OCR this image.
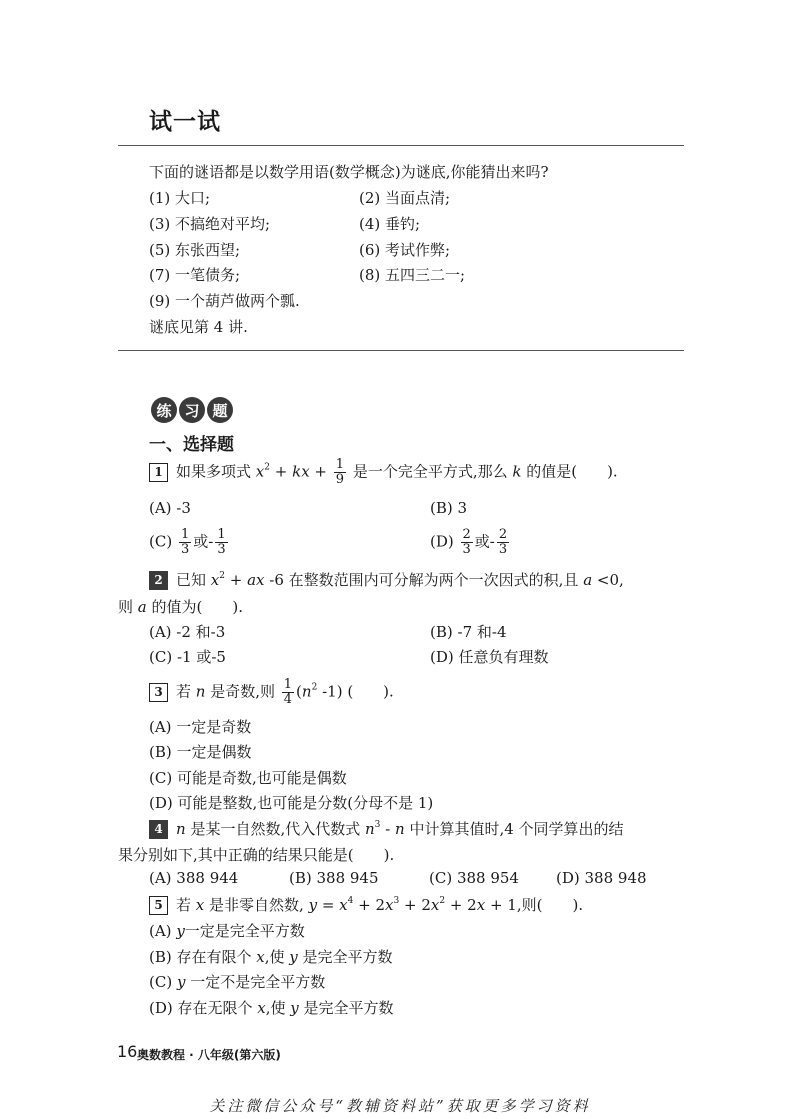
试一试
下面的谜语都是以数学用语(数学概念)为谜底,你能猜出来吗?
(1) 大口;	(2) 当面点清;
(3) 不搞绝对平均;	(4) 垂钓;
(5) 东张西望;	(6) 考试作弊;
(7) 一笔债务;	(8) 五四三二一;
(9) 一个葫芦做两个瓢.
谜底见第 4 讲.
练 习 题
一、选择题
1 如果多项式 $x^2$ + kx + $\frac{1}{9}$ 是一个完全平方式,那么 k 的值是(　　).
(A) -3	(B) 3
$(C) \frac{1}{3}$ 或- $\frac{1}{3}$	$(D) \frac{2}{3}$ 或- $\frac{2}{3}$
2 已知 $x^2$ + ax -6 在整数范围内可分解为两个一次因式的积,且 a <0,
则 a 的值为(　　).
(A) -2 和-3	(B) -7 和-4
(C) -1 或-5	(D) 任意负有理数
3 若 n 是奇数,则 $\frac{1}{4} (n^2$ -1) (　　).
(A) 一定是奇数
(B) 一定是偶数
(C) 可能是奇数,也可能是偶数
(D) 可能是整数,也可能是分数(分母不是 1)
4 n 是某一自然数,代入代数式 $n^3$ - n 中计算其值时,4 个同学算出的结
果分别如下,其中正确的结果只能是(　　).
(A) 388 944	(B) 388 945	(C) 388 954 (D) 388 948
5 若 x 是非零自然数, $y = x^4 + 2x^3 + 2x^2 + 2x + 1$,则(　　).
(A) y一定是完全平方数
(B) 存在有限个 x,使 y 是完全平方数
(C) y 一定不是完全平方数
(D) 存在无限个 x,使 y 是完全平方数
16 奥数教程 · 八年级(第六版)
关注微信公众号“教辅资料站”获取更多学习资料
